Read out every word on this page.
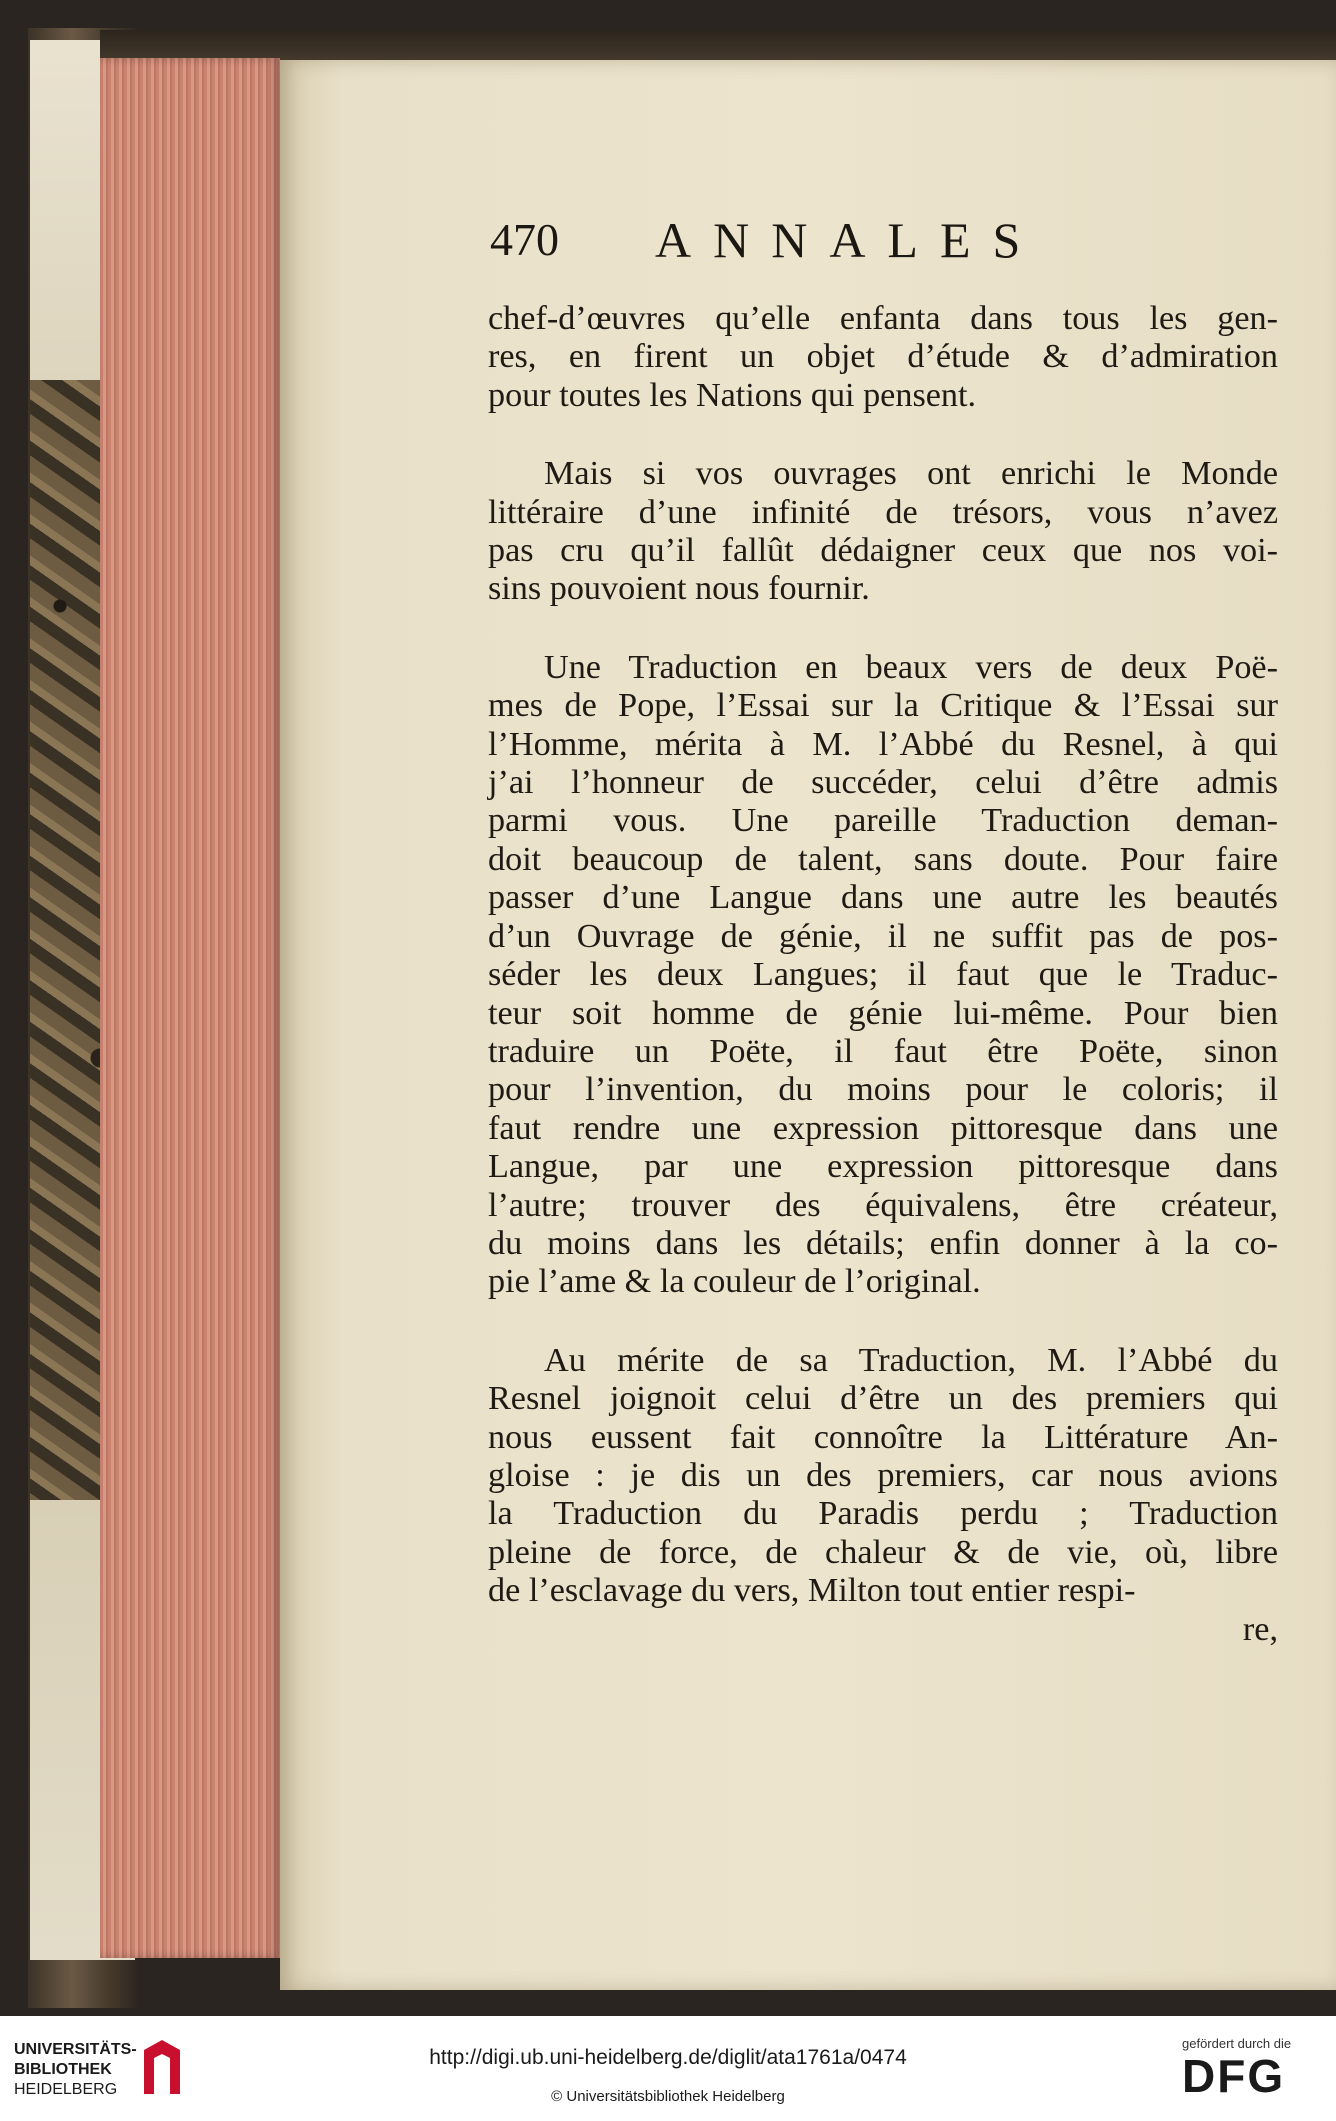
470 ANNALES
chef-d’œuvres qu’elle enfanta dans tous les gen-
res, en firent un objet d’étude & d’admiration
pour toutes les Nations qui pensent.
Mais si vos ouvrages ont enrichi le Monde
littéraire d’une infinité de trésors, vous n’avez
pas cru qu’il fallût dédaigner ceux que nos voi-
sins pouvoient nous fournir.
Une Traduction en beaux vers de deux Poë-
mes de Pope, l’Essai sur la Critique & l’Essai sur
l’Homme, mérita à M. l’Abbé du Resnel, à qui
j’ai l’honneur de succéder, celui d’être admis
parmi vous. Une pareille Traduction deman-
doit beaucoup de talent, sans doute. Pour faire
passer d’une Langue dans une autre les beautés
d’un Ouvrage de génie, il ne suffit pas de pos-
séder les deux Langues; il faut que le Traduc-
teur soit homme de génie lui-même. Pour bien
traduire un Poëte, il faut être Poëte, sinon
pour l’invention, du moins pour le coloris; il
faut rendre une expression pittoresque dans une
Langue, par une expression pittoresque dans
l’autre; trouver des équivalens, être créateur,
du moins dans les détails; enfin donner à la co-
pie l’ame & la couleur de l’original.
Au mérite de sa Traduction, M. l’Abbé du
Resnel joignoit celui d’être un des premiers qui
nous eussent fait connoître la Littérature An-
gloise : je dis un des premiers, car nous avions
la Traduction du Paradis perdu ; Traduction
pleine de force, de chaleur & de vie, où, libre
de l’esclavage du vers, Milton tout entier respi-
re,
UNIVERSITÄTS-
BIBLIOTHEK
HEIDELBERG
http://digi.ub.uni-heidelberg.de/diglit/ata1761a/0474
© Universitätsbibliothek Heidelberg
gefördert durch die
DFG
